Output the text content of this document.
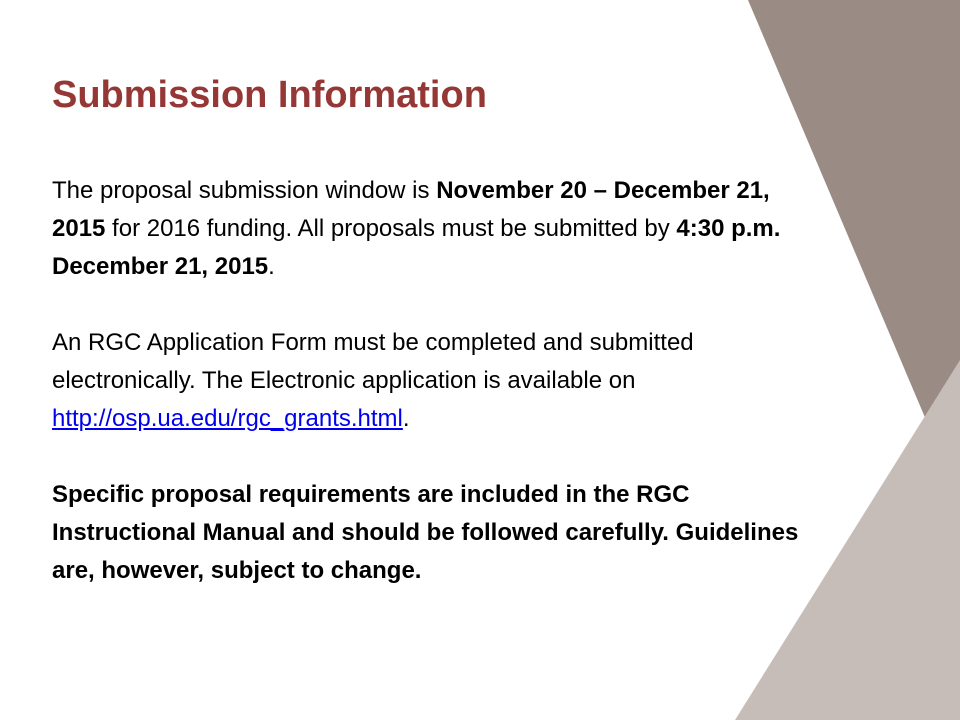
Submission Information

The proposal submission window is November 20 – December 21, 2015 for 2016 funding. All proposals must be submitted by 4:30 p.m. December 21, 2015.

An RGC Application Form must be completed and submitted electronically. The Electronic application is available on http://osp.ua.edu/rgc_grants.html.

Specific proposal requirements are included in the RGC Instructional Manual and should be followed carefully. Guidelines are, however, subject to change.
